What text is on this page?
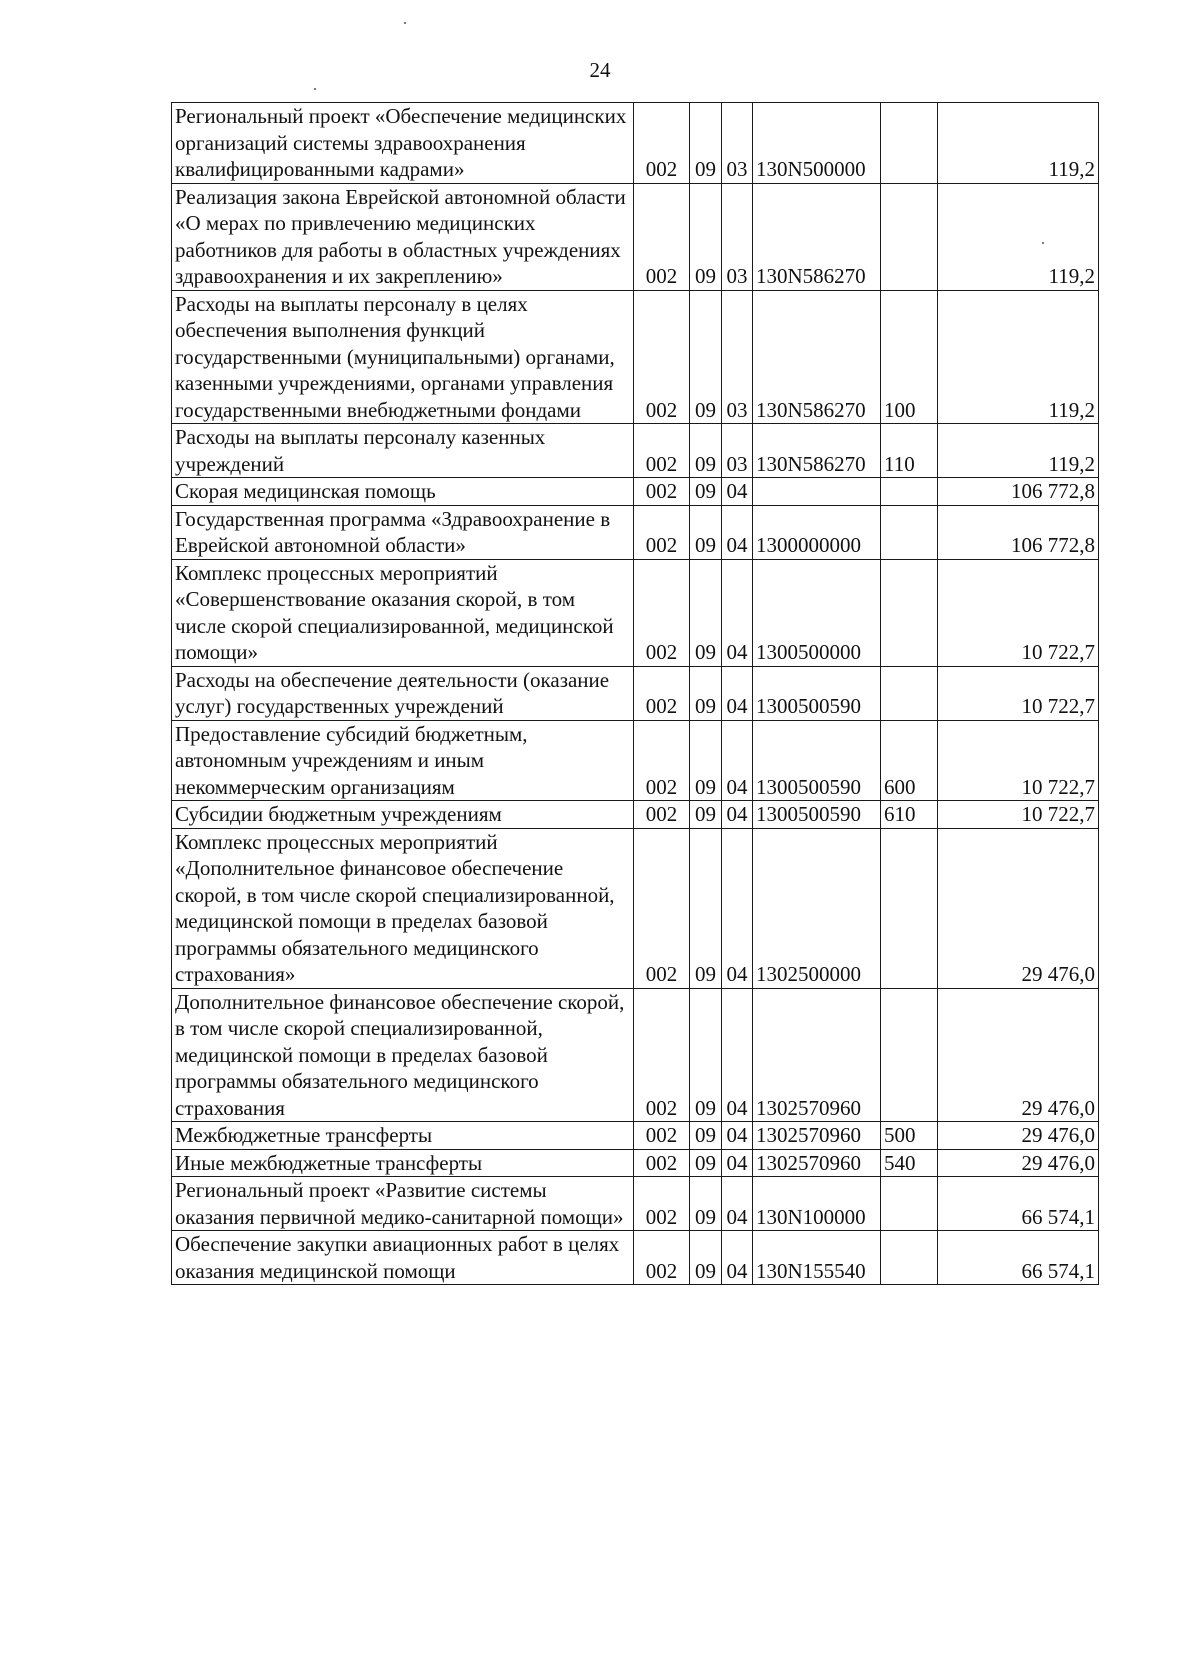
24
Региональный проект «Обеспечение медицинских организаций системы здравоохранения квалифицированными кадрами»	002	09	03	130N500000		119,2
Реализация закона Еврейской автономной области «О мерах по привлечению медицинских работников для работы в областных учреждениях здравоохранения и их закреплению»	002	09	03	130N586270		119,2
Расходы на выплаты персоналу в целях обеспечения выполнения функций государственными (муниципальными) органами, казенными учреждениями, органами управления государственными внебюджетными фондами	002	09	03	130N586270	100	119,2
Расходы на выплаты персоналу казенных учреждений	002	09	03	130N586270	110	119,2
Скорая медицинская помощь	002	09	04			106 772,8
Государственная программа «Здравоохранение в Еврейской автономной области»	002	09	04	1300000000		106 772,8
Комплекс процессных мероприятий «Совершенствование оказания скорой, в том числе скорой специализированной, медицинской помощи»	002	09	04	1300500000		10 722,7
Расходы на обеспечение деятельности (оказание услуг) государственных учреждений	002	09	04	1300500590		10 722,7
Предоставление субсидий бюджетным, автономным учреждениям и иным некоммерческим организациям	002	09	04	1300500590	600	10 722,7
Субсидии бюджетным учреждениям	002	09	04	1300500590	610	10 722,7
Комплекс процессных мероприятий «Дополнительное финансовое обеспечение скорой, в том числе скорой специализированной, медицинской помощи в пределах базовой программы обязательного медицинского страхования»	002	09	04	1302500000		29 476,0
Дополнительное финансовое обеспечение скорой, в том числе скорой специализированной, медицинской помощи в пределах базовой программы обязательного медицинского страхования	002	09	04	1302570960		29 476,0
Межбюджетные трансферты	002	09	04	1302570960	500	29 476,0
Иные межбюджетные трансферты	002	09	04	1302570960	540	29 476,0
Региональный проект «Развитие системы оказания первичной медико-санитарной помощи»	002	09	04	130N100000		66 574,1
Обеспечение закупки авиационных работ в целях оказания медицинской помощи	002	09	04	130N155540		66 574,1
